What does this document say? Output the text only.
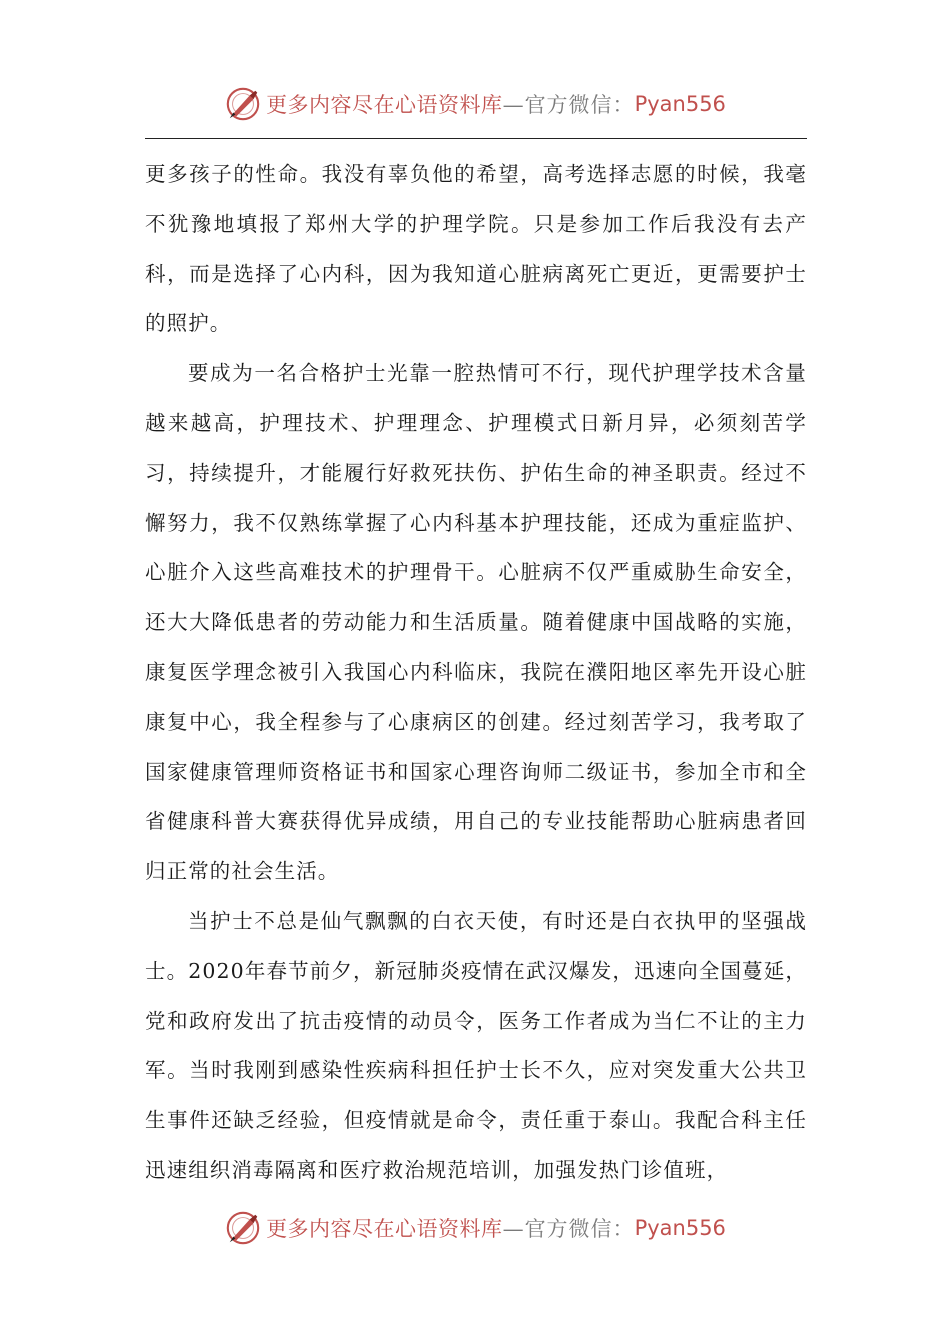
更多内容尽在心语资料库 —官方微信： Pyan556

更多孩子的性命。我没有辜负他的希望，高考选择志愿的时候，我毫不犹豫地填报了郑州大学的护理学院。只是参加工作后我没有去产科，而是选择了心内科，因为我知道心脏病离死亡更近，更需要护士的照护。

要成为一名合格护士光靠一腔热情可不行，现代护理学技术含量越来越高，护理技术、护理理念、护理模式日新月异，必须刻苦学习，持续提升，才能履行好救死扶伤、护佑生命的神圣职责。经过不懈努力，我不仅熟练掌握了心内科基本护理技能，还成为重症监护、心脏介入这些高难技术的护理骨干。心脏病不仅严重威胁生命安全，还大大降低患者的劳动能力和生活质量。随着健康中国战略的实施，康复医学理念被引入我国心内科临床，我院在濮阳地区率先开设心脏康复中心，我全程参与了心康病区的创建。经过刻苦学习，我考取了国家健康管理师资格证书和国家心理咨询师二级证书，参加全市和全省健康科普大赛获得优异成绩，用自己的专业技能帮助心脏病患者回归正常的社会生活。

当护士不总是仙气飘飘的白衣天使，有时还是白衣执甲的坚强战士。2020年春节前夕，新冠肺炎疫情在武汉爆发，迅速向全国蔓延，党和政府发出了抗击疫情的动员令，医务工作者成为当仁不让的主力军。当时我刚到感染性疾病科担任护士长不久，应对突发重大公共卫生事件还缺乏经验，但疫情就是命令，责任重于泰山。我配合科主任迅速组织消毒隔离和医疗救治规范培训，加强发热门诊值班，

更多内容尽在心语资料库 —官方微信： Pyan556
